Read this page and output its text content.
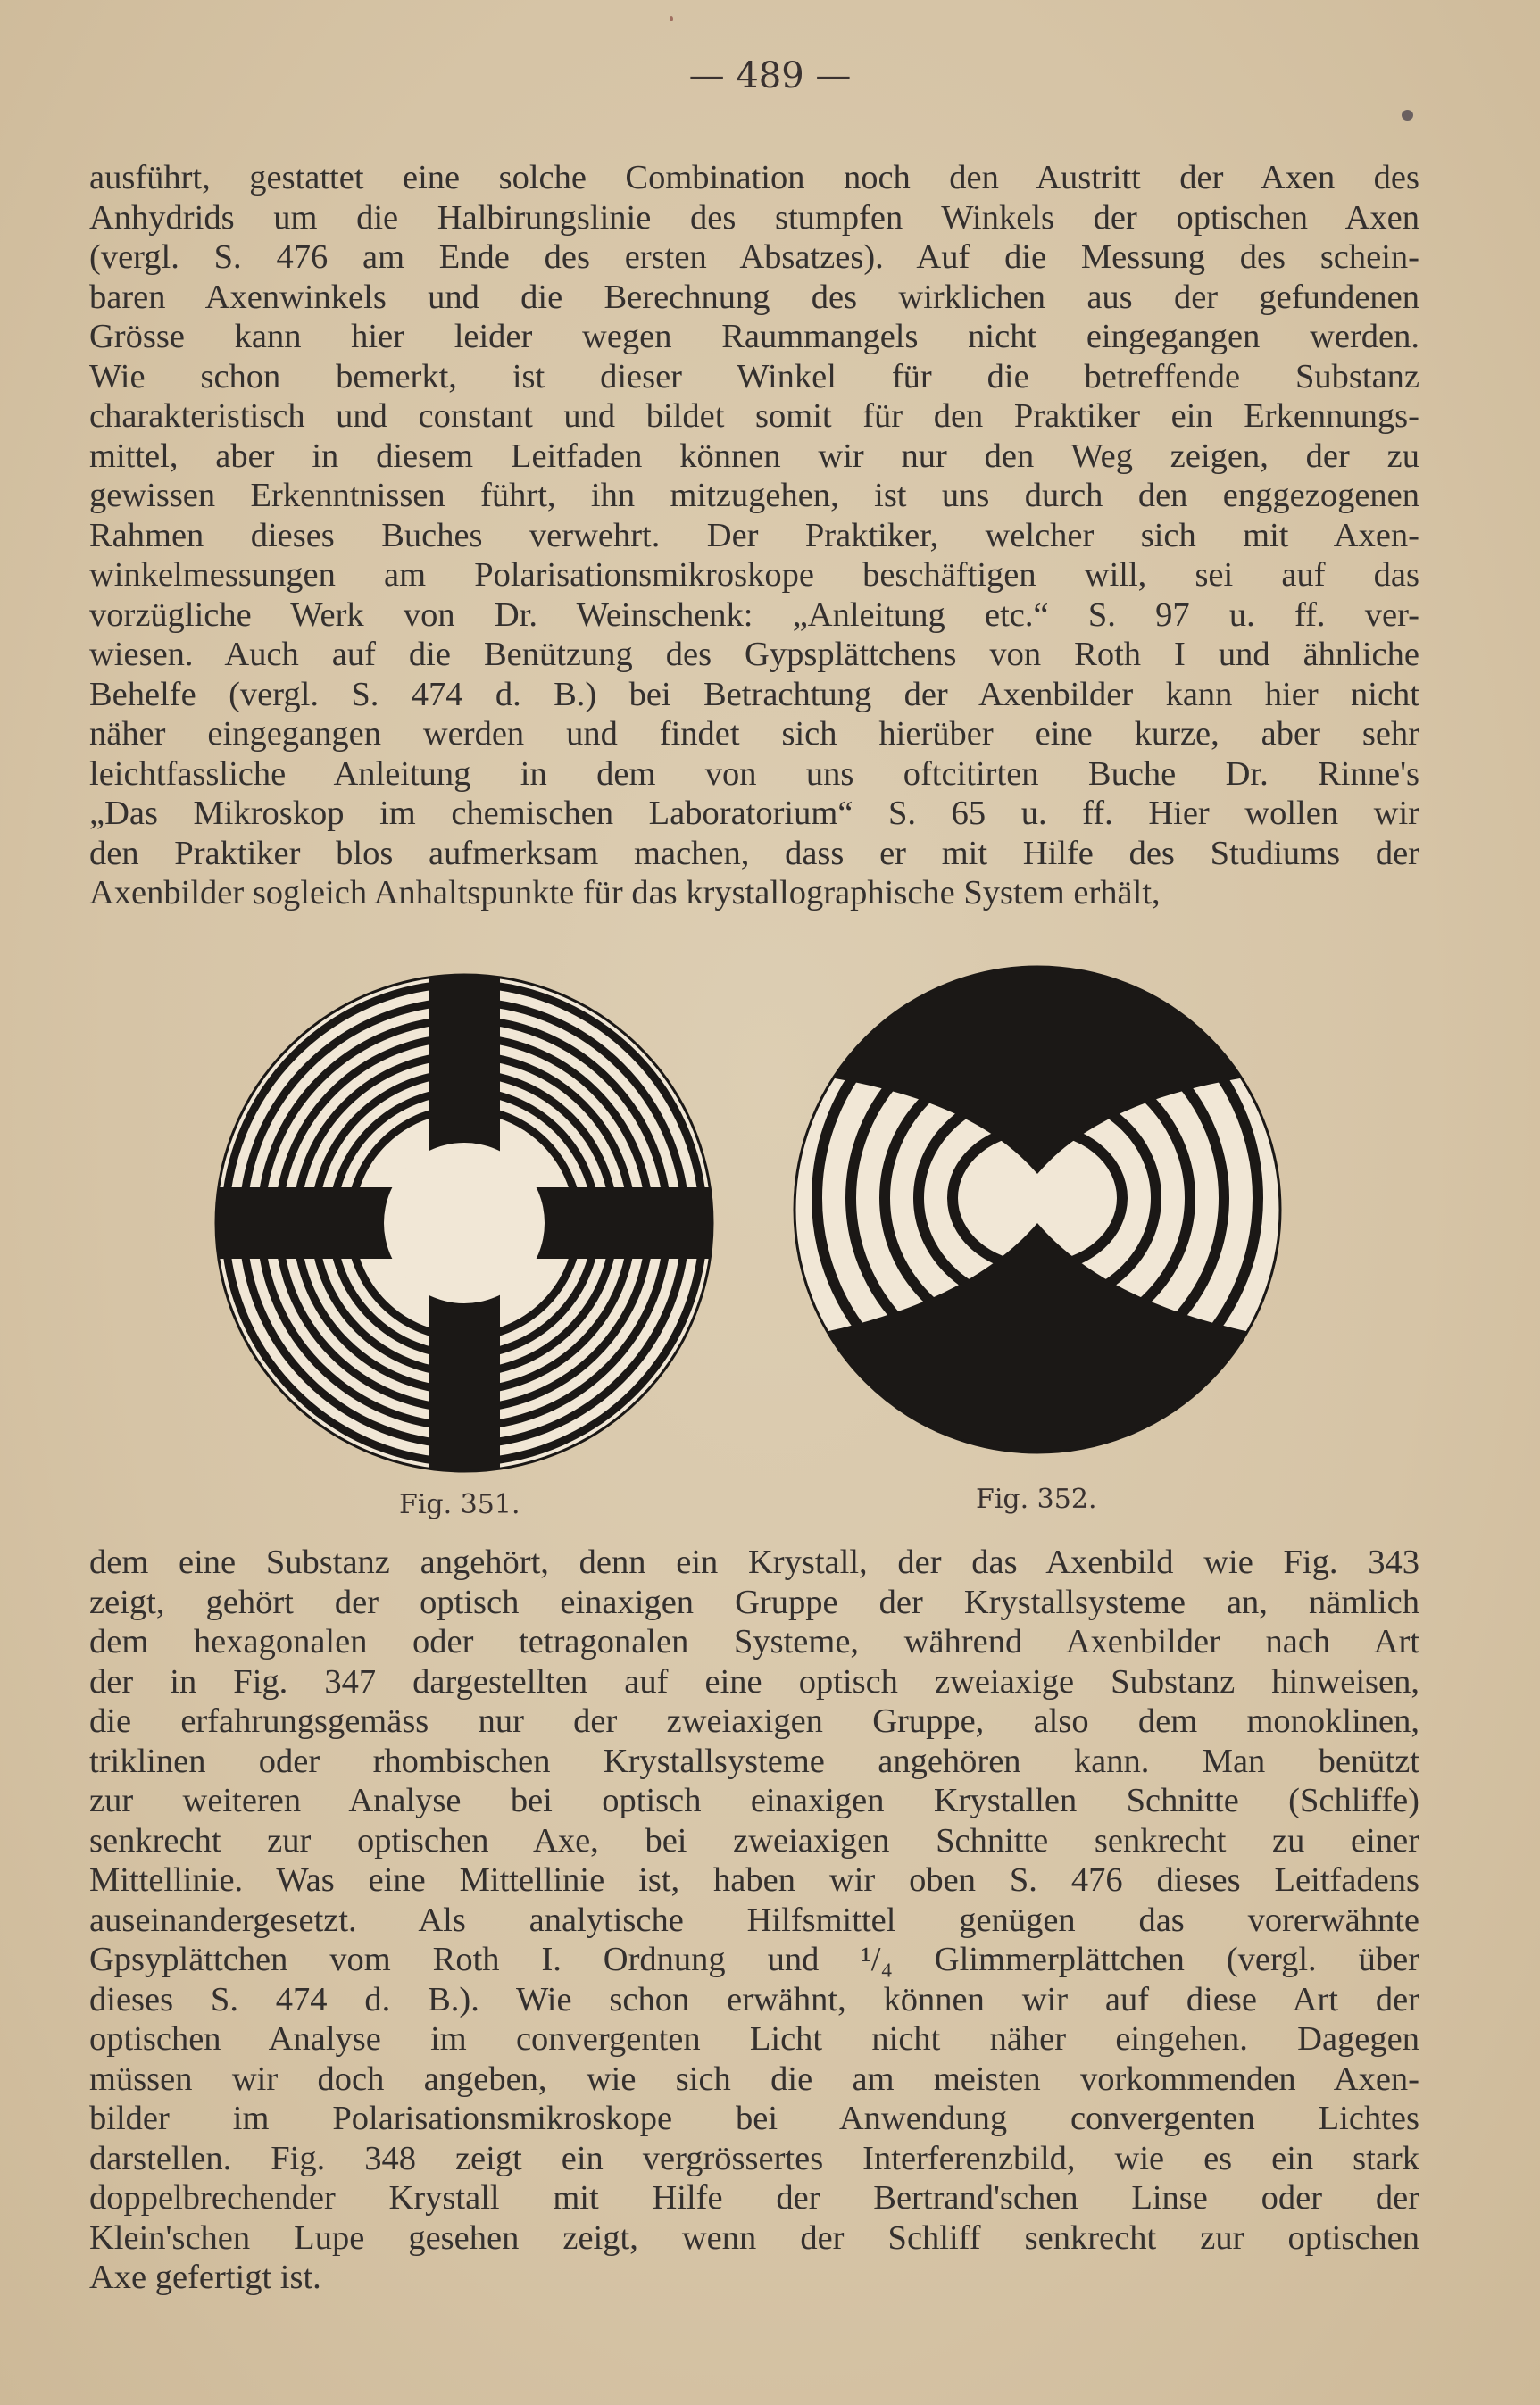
— 489 —
ausführt, gestattet eine solche Combination noch den Austritt der Axen des
Anhydrids um die Halbirungslinie des stumpfen Winkels der optischen Axen
(vergl. S. 476 am Ende des ersten Absatzes). Auf die Messung des schein-
baren Axenwinkels und die Berechnung des wirklichen aus der gefundenen
Grösse kann hier leider wegen Raummangels nicht eingegangen werden.
Wie schon bemerkt, ist dieser Winkel für die betreffende Substanz
charakteristisch und constant und bildet somit für den Praktiker ein Erkennungs-
mittel, aber in diesem Leitfaden können wir nur den Weg zeigen, der zu
gewissen Erkenntnissen führt, ihn mitzugehen, ist uns durch den enggezogenen
Rahmen dieses Buches verwehrt. Der Praktiker, welcher sich mit Axen-
winkelmessungen am Polarisationsmikroskope beschäftigen will, sei auf das
vorzügliche Werk von Dr. Weinschenk: „Anleitung etc.“ S. 97 u. ff. ver-
wiesen. Auch auf die Benützung des Gypsplättchens von Roth I und ähnliche
Behelfe (vergl. S. 474 d. B.) bei Betrachtung der Axenbilder kann hier nicht
näher eingegangen werden und findet sich hierüber eine kurze, aber sehr
leichtfassliche Anleitung in dem von uns oftcitirten Buche Dr. Rinne's
„Das Mikroskop im chemischen Laboratorium“ S. 65 u. ff. Hier wollen wir
den Praktiker blos aufmerksam machen, dass er mit Hilfe des Studiums der
Axenbilder sogleich Anhaltspunkte für das krystallographische System erhält,
Fig. 351.	Fig. 352.
dem eine Substanz angehört, denn ein Krystall, der das Axenbild wie Fig. 343
zeigt, gehört der optisch einaxigen Gruppe der Krystallsysteme an, nämlich
dem hexagonalen oder tetragonalen Systeme, während Axenbilder nach Art
der in Fig. 347 dargestellten auf eine optisch zweiaxige Substanz hinweisen,
die erfahrungsgemäss nur der zweiaxigen Gruppe, also dem monoklinen,
triklinen oder rhombischen Krystallsysteme angehören kann. Man benützt
zur weiteren Analyse bei optisch einaxigen Krystallen Schnitte (Schliffe)
senkrecht zur optischen Axe, bei zweiaxigen Schnitte senkrecht zu einer
Mittellinie. Was eine Mittellinie ist, haben wir oben S. 476 dieses Leitfadens
auseinandergesetzt. Als analytische Hilfsmittel genügen das vorerwähnte
Gpsyplättchen vom Roth I. Ordnung und ¹/₄ Glimmerplättchen (vergl. über
dieses S. 474 d. B.). Wie schon erwähnt, können wir auf diese Art der
optischen Analyse im convergenten Licht nicht näher eingehen. Dagegen
müssen wir doch angeben, wie sich die am meisten vorkommenden Axen-
bilder im Polarisationsmikroskope bei Anwendung convergenten Lichtes
darstellen. Fig. 348 zeigt ein vergrössertes Interferenzbild, wie es ein stark
doppelbrechender Krystall mit Hilfe der Bertrand'schen Linse oder der
Klein'schen Lupe gesehen zeigt, wenn der Schliff senkrecht zur optischen
Axe gefertigt ist.
